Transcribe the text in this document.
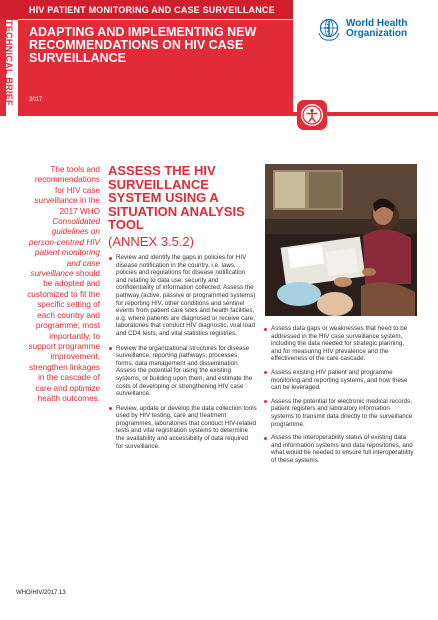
TECHNICAL BRIEF
HIV PATIENT MONITORING AND CASE SURVEILLANCE
ADAPTING AND IMPLEMENTING NEW RECOMMENDATIONS ON HIV CASE SURVEILLANCE
2017
World Health
Organization
The tools and recommendations for HIV case surveillance in the 2017 WHO Consolidated guidelines on person-centred HIV patient monitoring and case surveillance should be adopted and customized to fit the specific setting of each country and programme; most importantly, to support programme improvement, strengthen linkages in the cascade of care and optimize health outcomes.
ASSESS THE HIV SURVEILLANCE SYSTEM USING A SITUATION ANALYSIS TOOL
(ANNEX 3.5.2)
Review and identify the gaps in policies for HIV disease notification in the country, i.e. laws, policies and regulations for disease notification and relating to data use, security and confidentiality of information collected. Assess the pathway (active, passive or programmed systems) for reporting HIV, other conditions and sentinel events from patient care sites and health facilities, e.g. where patients are diagnosed or receive care, laboratories that conduct HIV diagnostic, viral load and CD4 tests, and vital statistics registries.
Review the organizational structures for disease surveillance, reporting pathways, processes, forms, data management and dissemination. Assess the potential for using the existing systems, or building upon them, and estimate the costs of developing or strengthening HIV case surveillance.
Review, update or develop the data collection tools used by HIV testing, care and treatment programmes, laboratories that conduct HIV-related tests and vital registration systems to determine the availability and accessibility of data required for surveillance.
Assess data gaps or weaknesses that need to be addressed in the HIV case surveillance system, including the data needed for strategic planning, and for measuring HIV prevalence and the effectiveness of the care cascade.
Assess existing HIV patient and programme monitoring and reporting systems, and how these can be leveraged.
Assess the potential for electronic medical records, patient registers and laboratory information systems to transmit data directly to the surveillance programme.
Assess the interoperability status of existing data and information systems and data repositories, and what would be needed to ensure full interoperability of these systems.
WHO/HIV/2017.13
